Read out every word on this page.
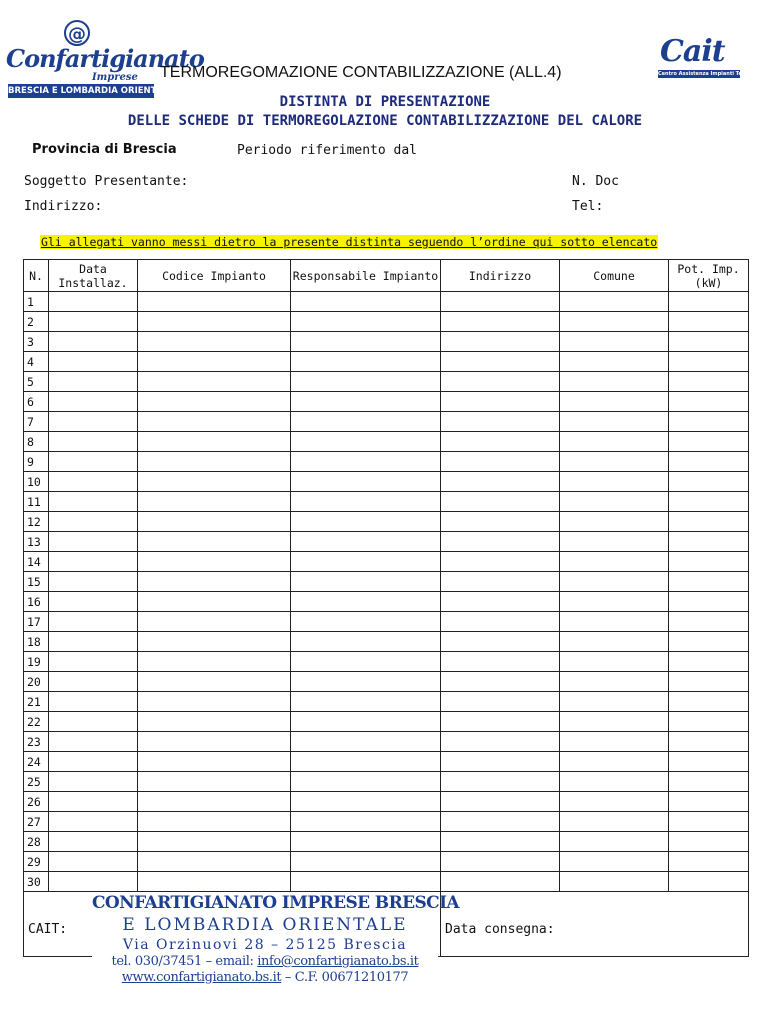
@
Confartigianato
Imprese
BRESCIA E LOMBARDIA ORIENTALE
Cait
Centro Assistenza Impianti Termici
TERMOREGOMAZIONE CONTABILIZZAZIONE (ALL.4)
DISTINTA DI PRESENTAZIONE
DELLE SCHEDE DI TERMOREGOLAZIONE CONTABILIZZAZIONE DEL CALORE
Provincia di Brescia	Periodo riferimento dal
Soggetto Presentante:	N. Doc
Indirizzo:	Tel:
Gli allegati vanno messi dietro la presente distinta seguendo l’ordine qui sotto elencato
N.	Data Installaz.	Codice Impianto	Responsabile Impianto	Indirizzo	Comune	Pot. Imp.(kW)
1						
2						
3						
4						
5						
6						
7						
8						
9						
10						
11						
12						
13						
14						
15						
16						
17						
18						
19						
20						
21						
22						
23						
24						
25						
26						
27						
28						
29						
30						

CAIT:	Data consegna:
CONFARTIGIANATO IMPRESE BRESCIA
E LOMBARDIA ORIENTALE
Via Orzinuovi 28 – 25125 Brescia
tel. 030/37451 – email: info@confartigianato.bs.it
www.confartigianato.bs.it – C.F. 00671210177
